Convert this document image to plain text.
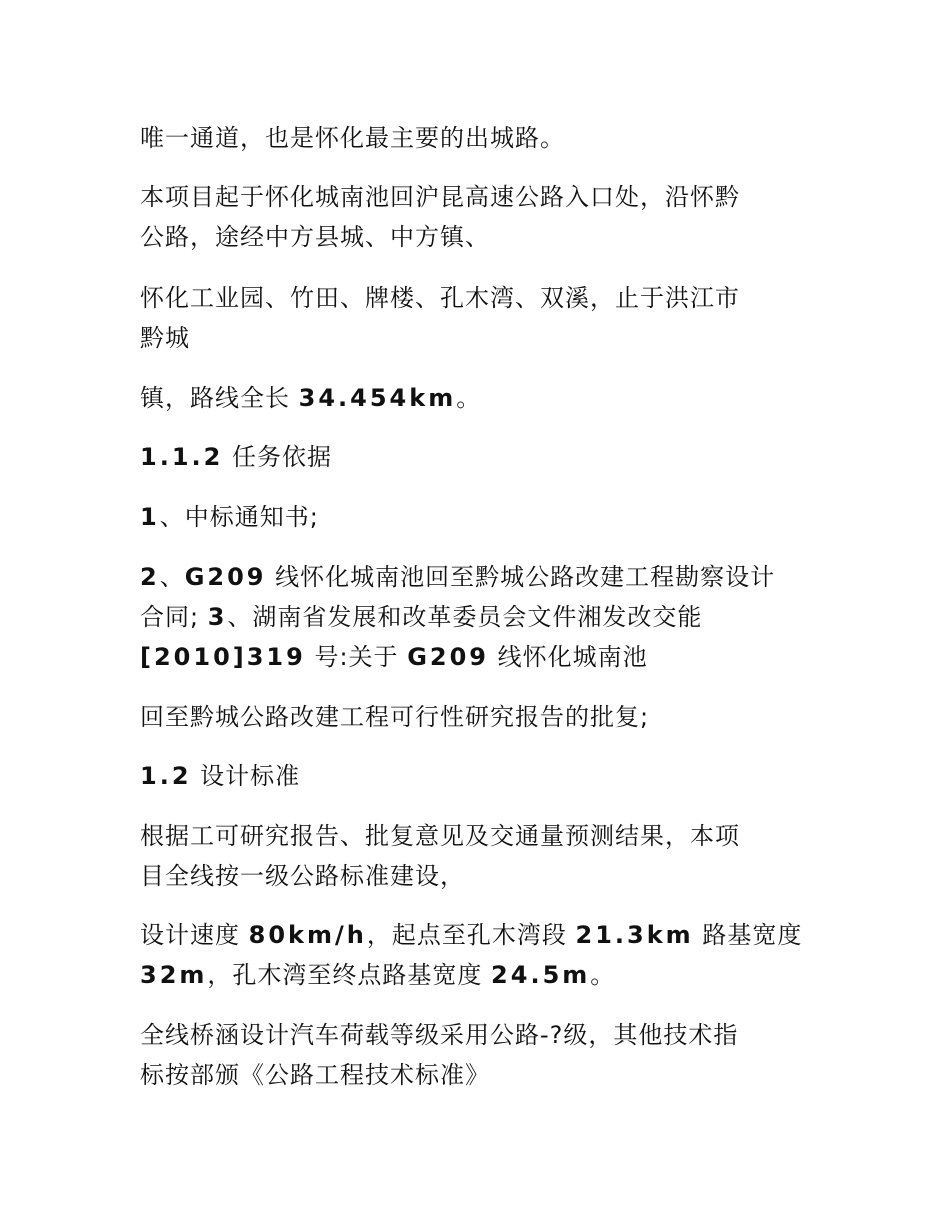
唯一通道，也是怀化最主要的出城路。

本项目起于怀化城南池回沪昆高速公路入口处，沿怀黔
公路，途经中方县城、中方镇、

怀化工业园、竹田、牌楼、孔木湾、双溪，止于洪江市
黔城

镇，路线全长 34.454km。

1.1.2 任务依据

1、中标通知书;

2、G209 线怀化城南池回至黔城公路改建工程勘察设计
合同; 3、湖南省发展和改革委员会文件湘发改交能
[2010]319 号:关于 G209 线怀化城南池

回至黔城公路改建工程可行性研究报告的批复;

1.2 设计标准

根据工可研究报告、批复意见及交通量预测结果，本项
目全线按一级公路标准建设，

设计速度 80km/h，起点至孔木湾段 21.3km 路基宽度
32m，孔木湾至终点路基宽度 24.5m。

全线桥涵设计汽车荷载等级采用公路-?级，其他技术指
标按部颁《公路工程技术标准》
